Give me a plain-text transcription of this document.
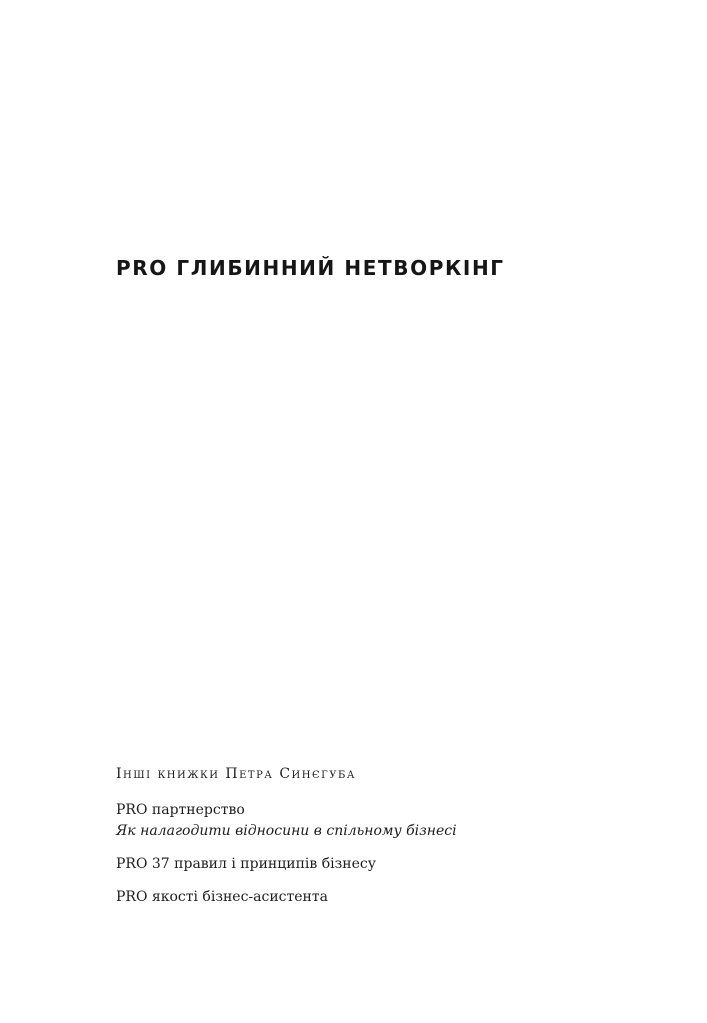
PRO ГЛИБИННИЙ НЕТВОРКІНГ
Інші книжки Петра Синєгуба
PRO партнерство
Як налагодити відносини в спільному бізнесі
PRO 37 правил і принципів бізнесу
PRO якості бізнес-асистента
